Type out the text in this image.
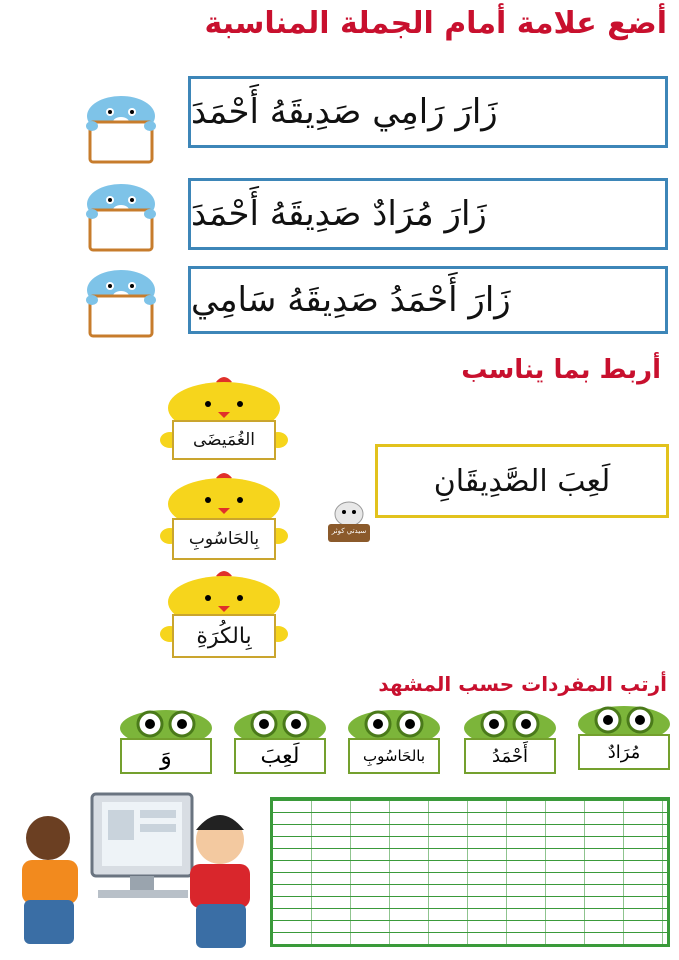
أضع علامة أمام الجملة المناسبة
زَارَ رَامِي صَدِيقَهُ أَحْمَدَ
زَارَ مُرَادٌ صَدِيقَهُ أَحْمَدَ
زَارَ أَحْمَدُ صَدِيقَهُ سَامِي
أربط بما يناسب
الغُمَيضَى
بِالحَاسُوبِ
بِالكُرَةِ
سيدتي كوثر
لَعِبَ الصَّدِيقَانِ
أرتب المفردات حسب المشهد
مُرَادٌ
أَحْمَدُ
بالحَاسُوبِ
لَعِبَ
وَ
